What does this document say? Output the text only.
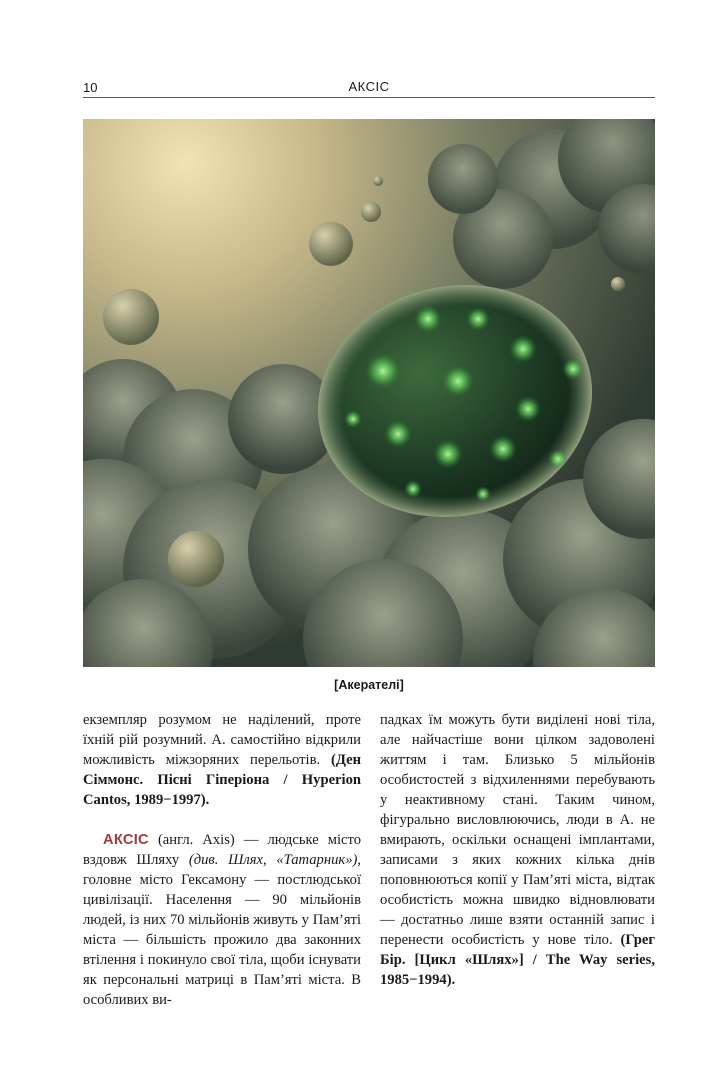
10	АКСІС
[Акерателі]

екземпляр розумом не наділений, проте їхній рій розумний. А. самостійно відкрили можливість міжзоряних перельотів. (Ден Сіммонс. Пісні Гіперіона / Hyperion Cantos, 1989−1997).

АКСІС (англ. Axis) — людське місто вздовж Шляху (див. Шлях, «Татарник»), головне місто Гексамону — постлюдської цивілізації. Населення — 90 мільйонів людей, із них 70 мільйонів живуть у Пам’яті міста — більшість прожило два законних втілення і покинуло свої тіла, щоби існувати як персональні матриці в Пам’яті міста. В особливих ви-

падках їм можуть бути виділені нові тіла, але найчастіше вони цілком задоволені життям і там. Близько 5 мільйонів особистостей з відхиленнями перебувають у неактивному стані. Таким чином, фігурально висловлюючись, люди в А. не вмирають, оскільки оснащені імплантами, записами з яких кожних кілька днів поповнюються копії у Пам’яті міста, відтак особистість можна швидко відновлювати — достатньо лише взяти останній запис і перенести особистість у нове тіло. (Грег Бір. [Цикл «Шлях»] / The Way series, 1985−1994).
